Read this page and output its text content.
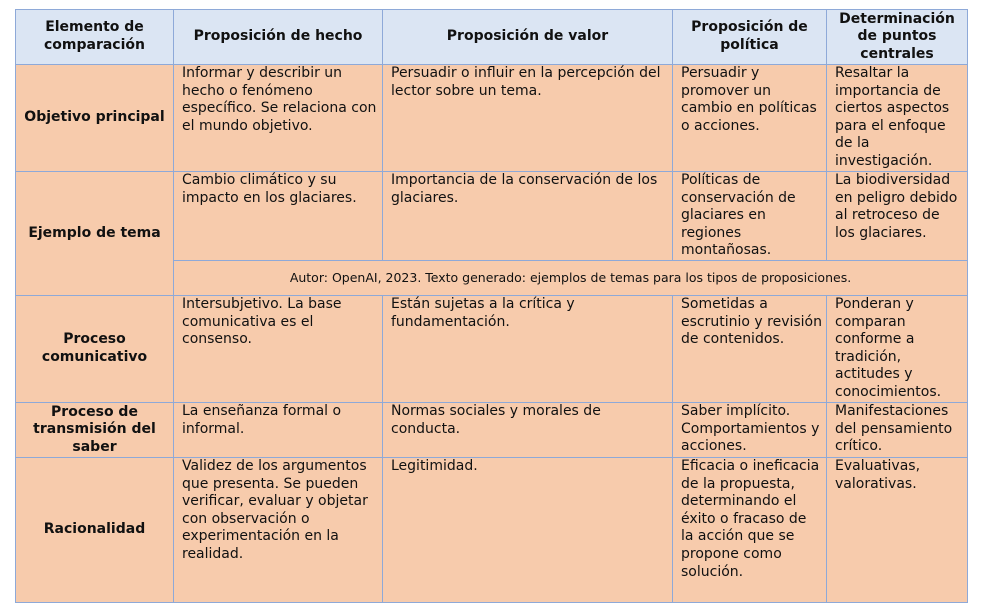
Elemento de comparación	Proposición de hecho	Proposición de valor	Proposición de política	Determinación de puntos centrales
Objetivo principal	Informar y describir un hecho o fenómeno específico. Se relaciona con el mundo objetivo.	Persuadir o influir en la percepción del lector sobre un tema.	Persuadir y promover un cambio en políticas o acciones.	Resaltar la importancia de ciertos aspectos para el enfoque de la investigación.
Ejemplo de tema	Cambio climático y su impacto en los glaciares.	Importancia de la conservación de los glaciares.	Políticas de conservación de glaciares en regiones montañosas.	La biodiversidad en peligro debido al retroceso de los glaciares.
	Autor: OpenAI, 2023. Texto generado: ejemplos de temas para los tipos de proposiciones.			
Proceso comunicativo	Intersubjetivo. La base comunicativa es el consenso.	Están sujetas a la crítica y fundamentación.	Sometidas a escrutinio y revisión de contenidos.	Ponderan y comparan conforme a tradición, actitudes y conocimientos.
Proceso de transmisión del saber	La enseñanza formal o informal.	Normas sociales y morales de conducta.	Saber implícito. Comportamientos y acciones.	Manifestaciones del pensamiento crítico.
Racionalidad	Validez de los argumentos que presenta. Se pueden verificar, evaluar y objetar con observación o experimentación en la realidad.	Legitimidad.	Eficacia o ineficacia de la propuesta, determinando el éxito o fracaso de la acción que se propone como solución.	Evaluativas, valorativas.
